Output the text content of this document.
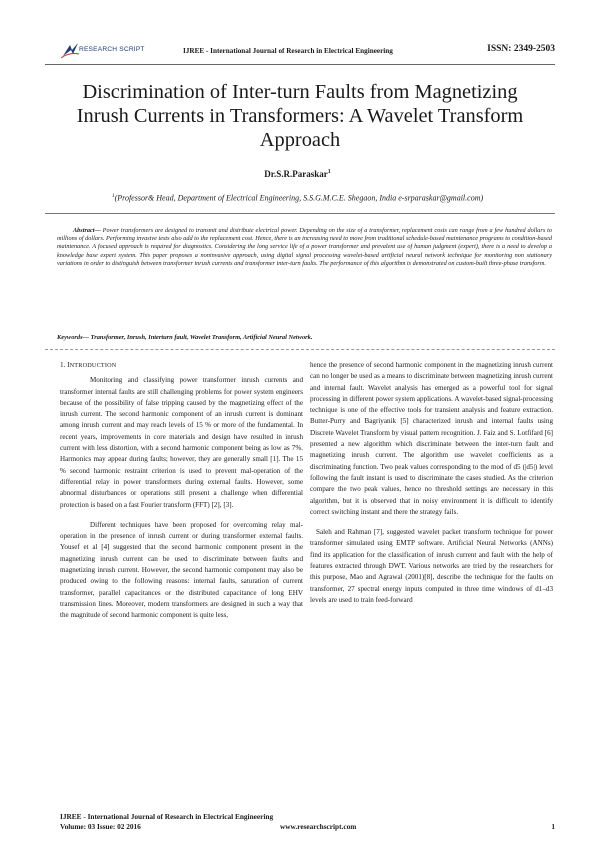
RESEARCH SCRIPT	IJREE - International Journal of Research in Electrical Engineering	ISSN: 2349-2503
Discrimination of Inter-turn Faults from Magnetizing Inrush Currents in Transformers: A Wavelet Transform Approach
Dr.S.R.Paraskar$^1$
$^1$(Professor& Head, Department of Electrical Engineering, S.S.G.M.C.E. Shegaon, India e-srparaskar@gmail.com)

Abstract— Power transformers are designed to transmit and distribute electrical power. Depending on the size of a transformer, replacement costs can range from a few hundred dollars to millions of dollars. Performing invasive tests also add to the replacement cost. Hence, there is an increasing need to move from traditional schedule-based maintenance programs to condition-based maintenance. A focused approach is required for diagnostics. Considering the long service life of a power transformer and prevalent use of human judgment (expert), there is a need to develop a knowledge base expert system. This paper proposes a noninvasive approach, using digital signal processing wavelet-based artificial neural network technique for monitoring non stationary variations in order to distinguish between transformer inrush currents and transformer inter-turn faults. The performance of this algorithm is demonstrated on custom-built three-phase transform.

Keywords— Transformer, Inrush, Interturn fault, Wavelet Transform, Artificial Neural Network.

1. INTRODUCTION

Monitoring and classifying power transformer inrush currents and transformer internal faults are still challenging problems for power system engineers because of the possibility of false tripping caused by the magnetizing effect of the inrush current. The second harmonic component of an inrush current is dominant among inrush current and may reach levels of 15 % or more of the fundamental. In recent years, improvements in core materials and design have resulted in inrush current with less distortion, with a second harmonic component being as low as 7%. Harmonics may appear during faults; however, they are generally small [1]. The 15 % second harmonic restraint criterion is used to prevent mal-operation of the differential relay in power transformers during external faults. However, some abnormal disturbances or operations still present a challenge when differential protection is based on a fast Fourier transform (FFT) [2], [3].

Different techniques have been proposed for overcoming relay mal-operation in the presence of inrush current or during transformer external faults. Yousef et al [4] suggested that the second harmonic component present in the magnetizing inrush current can be used to discriminate between faults and magnetizing inrush current. However, the second harmonic component may also be produced owing to the following reasons: internal faults, saturation of current transformer, parallel capacitances or the distributed capacitance of long EHV transmission lines. Moreover, modern transformers are designed in such a way that the magnitude of second harmonic component is quite less,

hence the presence of second harmonic component in the magnetizing inrush current can no longer be used as a means to discriminate between magnetizing inrush current and internal fault. Wavelet analysis has emerged as a powerful tool for signal processing in different power system applications. A wavelet-based signal-processing technique is one of the effective tools for transient analysis and feature extraction. Butter-Purry and Bagriyanik [5] characterized inrush and internal faults using Discrete Wavelet Transform by visual pattern recognition. J. Faiz and S. Lotfifard [6] presented a new algorithm which discriminate between the inter-turn fault and magnetizing inrush current. The algorithm use wavelet coefficients as a discriminating function. Two peak values corresponding to the mod of d5 (|d5|) level following the fault instant is used to discriminate the cases studied. As the criterion compare the two peak values, hence no threshold settings are necessary in this algorithm, but it is observed that in noisy environment it is difficult to identify correct switching instant and there the strategy fails.

Saleh and Rahman [7], suggested wavelet packet transform technique for power transformer simulated using EMTP software. Artificial Neural Networks (ANNs) find its application for the classification of inrush current and fault with the help of features extracted through DWT. Various networks are tried by the researchers for this purpose, Mao and Agrawal (2001)[8], describe the technique for the faults on transformer, 27 spectral energy inputs computed in three time windows of d1–d3 levels are used to train feed-forward

IJREE - International Journal of Research in Electrical Engineering
Volume: 03 Issue: 02 2016	www.researchscript.com	1
